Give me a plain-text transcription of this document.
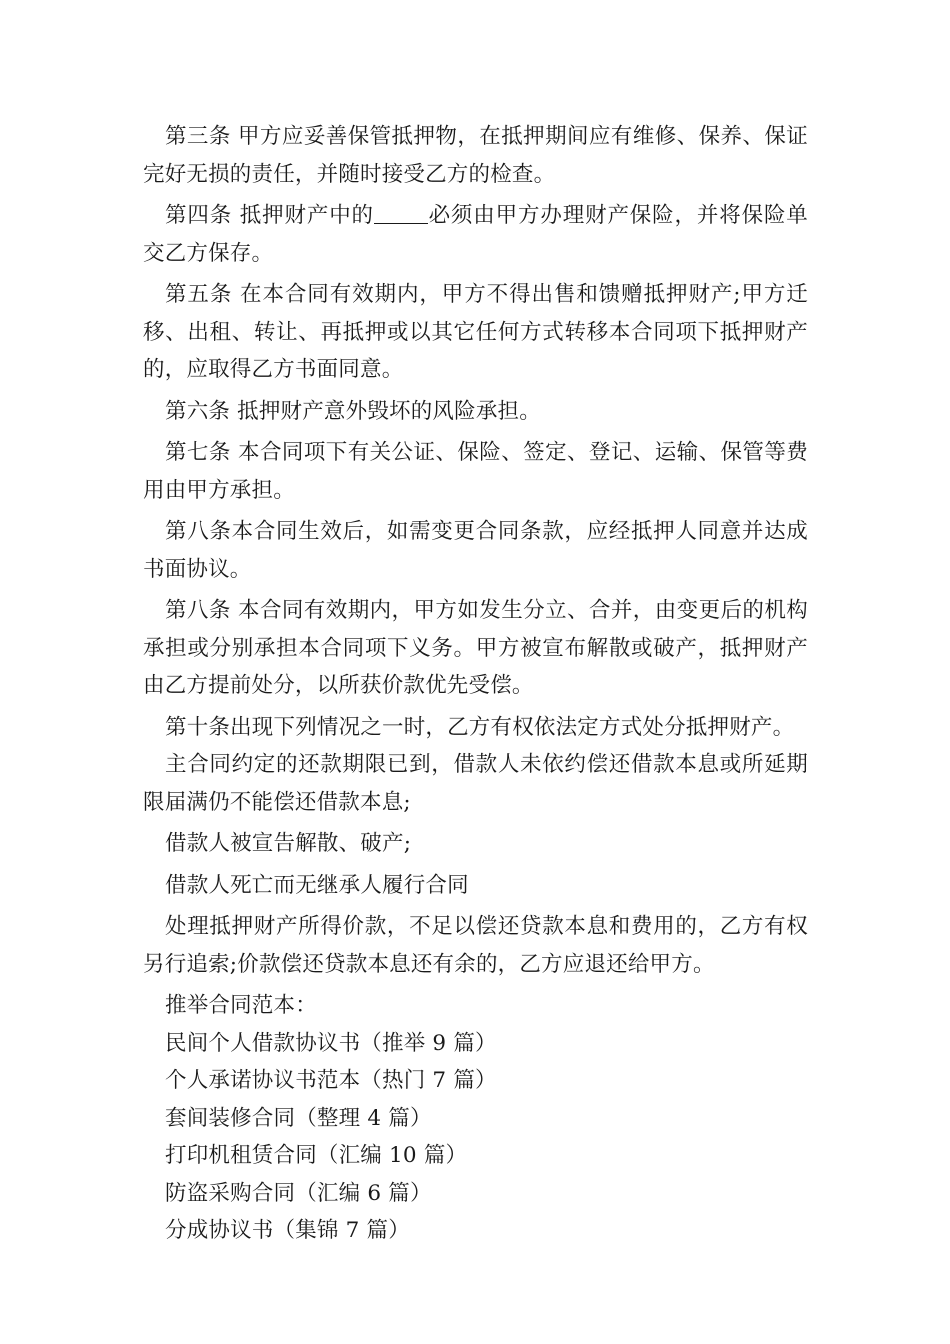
第三条 甲方应妥善保管抵押物，在抵押期间应有维修、保养、保证完好无损的责任，并随时接受乙方的检查。

第四条 抵押财产中的	必须由甲方办理财产保险，并将保险单交乙方保存。

第五条 在本合同有效期内，甲方不得出售和馈赠抵押财产;甲方迁移、出租、转让、再抵押或以其它任何方式转移本合同项下抵押财产的，应取得乙方书面同意。

第六条 抵押财产意外毁坏的风险承担。

第七条 本合同项下有关公证、保险、签定、登记、运输、保管等费用由甲方承担。

第八条本合同生效后，如需变更合同条款，应经抵押人同意并达成书面协议。

第八条 本合同有效期内，甲方如发生分立、合并，由变更后的机构承担或分别承担本合同项下义务。甲方被宣布解散或破产，抵押财产由乙方提前处分，以所获价款优先受偿。

第十条出现下列情况之一时，乙方有权依法定方式处分抵押财产。

主合同约定的还款期限已到，借款人未依约偿还借款本息或所延期限届满仍不能偿还借款本息;

借款人被宣告解散、破产;

借款人死亡而无继承人履行合同

处理抵押财产所得价款，不足以偿还贷款本息和费用的，乙方有权另行追索;价款偿还贷款本息还有余的，乙方应退还给甲方。

推举合同范本：
民间个人借款协议书（推举 9 篇）
个人承诺协议书范本（热门 7 篇）
套间装修合同（整理 4 篇）
打印机租赁合同（汇编 10 篇）
防盗采购合同（汇编 6 篇）
分成协议书（集锦 7 篇）
